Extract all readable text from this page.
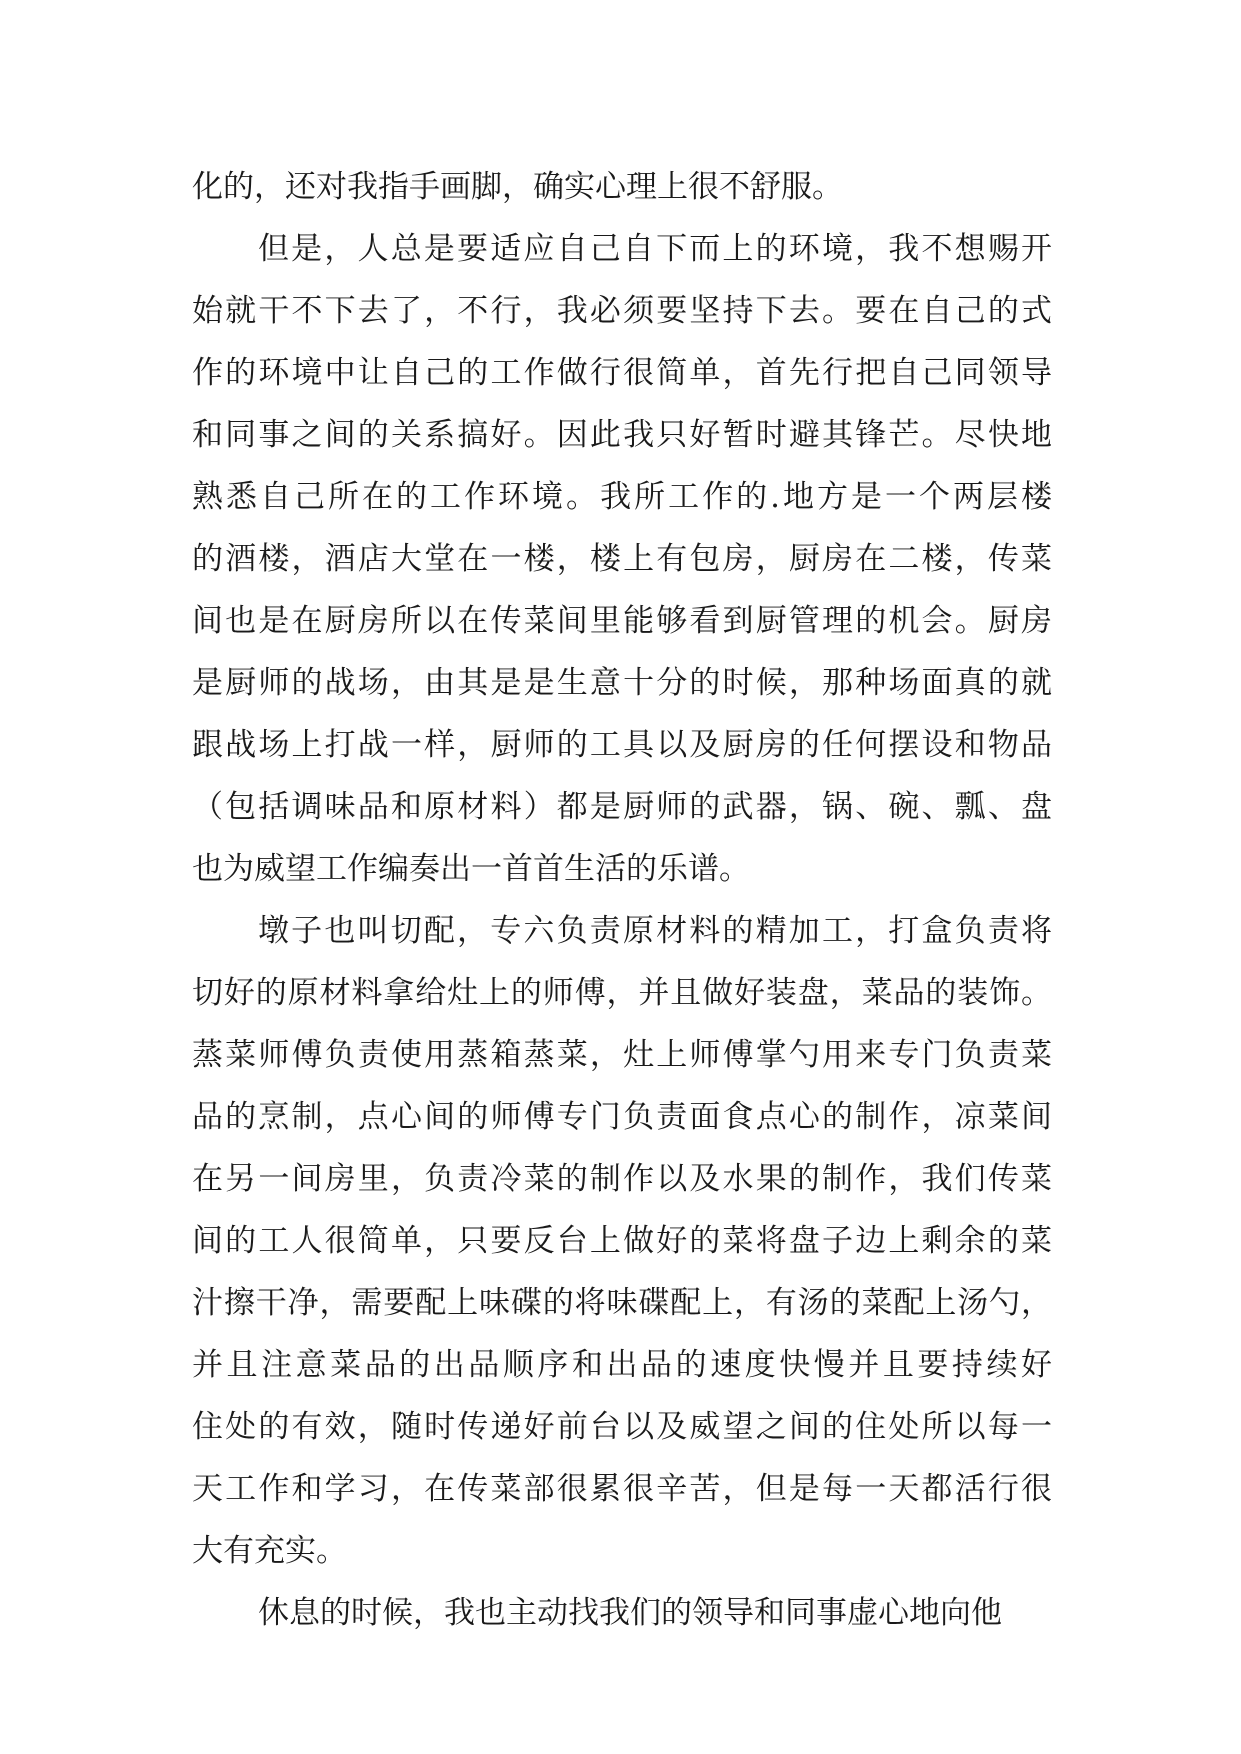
化的，还对我指手画脚，确实心理上很不舒服。
但是，人总是要适应自己自下而上的环境，我不想赐开
始就干不下去了，不行，我必须要坚持下去。要在自己的式
作的环境中让自己的工作做行很简单，首先行把自己同领导
和同事之间的关系搞好。因此我只好暂时避其锋芒。尽快地
熟悉自己所在的工作环境。我所工作的.地方是一个两层楼
的酒楼，酒店大堂在一楼，楼上有包房，厨房在二楼，传菜
间也是在厨房所以在传菜间里能够看到厨管理的机会。厨房
是厨师的战场，由其是是生意十分的时候，那种场面真的就
跟战场上打战一样，厨师的工具以及厨房的任何摆设和物品
（包括调味品和原材料）都是厨师的武器，锅、碗、瓢、盘
也为威望工作编奏出一首首生活的乐谱。
墩子也叫切配，专六负责原材料的精加工，打盒负责将
切好的原材料拿给灶上的师傅，并且做好装盘，菜品的装饰。
蒸菜师傅负责使用蒸箱蒸菜，灶上师傅掌勺用来专门负责菜
品的烹制，点心间的师傅专门负责面食点心的制作，凉菜间
在另一间房里，负责冷菜的制作以及水果的制作，我们传菜
间的工人很简单，只要反台上做好的菜将盘子边上剩余的菜
汁擦干净，需要配上味碟的将味碟配上，有汤的菜配上汤勺，
并且注意菜品的出品顺序和出品的速度快慢并且要持续好
住处的有效，随时传递好前台以及威望之间的住处所以每一
天工作和学习，在传菜部很累很辛苦，但是每一天都活行很
大有充实。
休息的时候，我也主动找我们的领导和同事虚心地向他
